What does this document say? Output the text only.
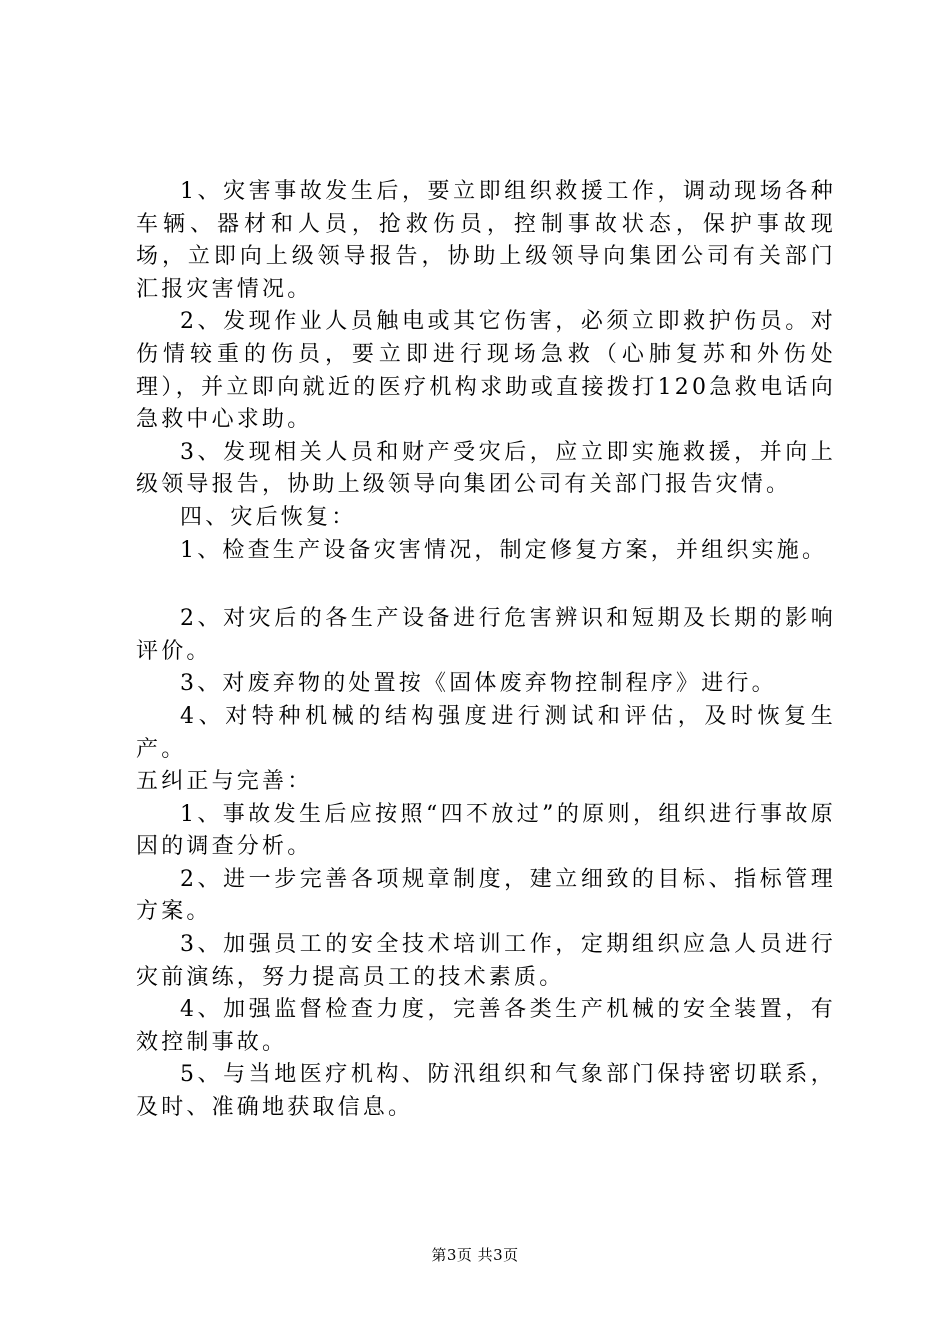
1、灾害事故发生后，要立即组织救援工作，调动现场各种车辆、器材和人员，抢救伤员，控制事故状态，保护事故现场，立即向上级领导报告，协助上级领导向集团公司有关部门汇报灾害情况。

2、发现作业人员触电或其它伤害，必须立即救护伤员。对伤情较重的伤员，要立即进行现场急救（心肺复苏和外伤处理），并立即向就近的医疗机构求助或直接拨打120急救电话向急救中心求助。

3、发现相关人员和财产受灾后，应立即实施救援，并向上级领导报告，协助上级领导向集团公司有关部门报告灾情。

四、灾后恢复：

1、检查生产设备灾害情况，制定修复方案，并组织实施。

2、对灾后的各生产设备进行危害辨识和短期及长期的影响评价。

3、对废弃物的处置按《固体废弃物控制程序》进行。

4、对特种机械的结构强度进行测试和评估，及时恢复生产。

五纠正与完善：

1、事故发生后应按照“四不放过”的原则，组织进行事故原因的调查分析。

2、进一步完善各项规章制度，建立细致的目标、指标管理方案。

3、加强员工的安全技术培训工作，定期组织应急人员进行灾前演练，努力提高员工的技术素质。

4、加强监督检查力度，完善各类生产机械的安全装置，有效控制事故。

5、与当地医疗机构、防汛组织和气象部门保持密切联系，及时、准确地获取信息。

第3页 共3页
